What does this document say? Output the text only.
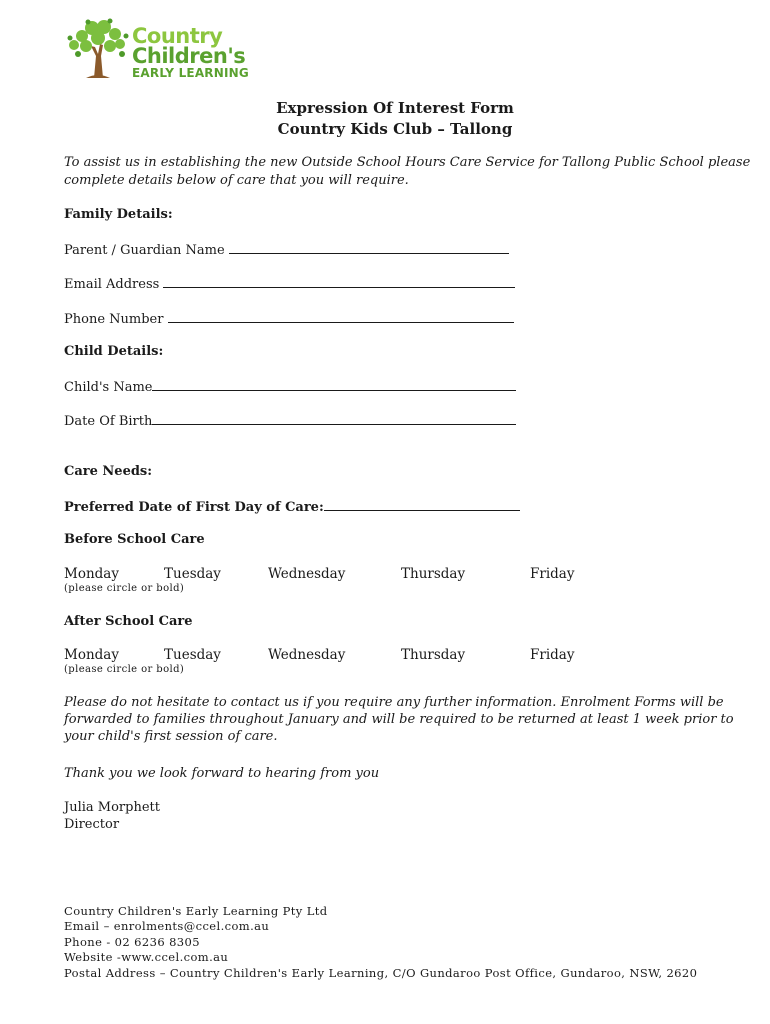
Country
Children's
EARLY LEARNING
Expression Of Interest Form
Country Kids Club – Tallong
To assist us in establishing the new Outside School Hours Care Service for Tallong Public School please
complete details below of care that you will require.
Family Details:
Parent / Guardian Name
Email Address
Phone Number
Child Details:
Child's Name
Date Of Birth
Care Needs:
Preferred Date of First Day of Care:
Before School Care
Monday	Tuesday	Wednesday	Thursday	Friday
(please circle or bold)
After School Care
Monday	Tuesday	Wednesday	Thursday	Friday
(please circle or bold)
Please do not hesitate to contact us if you require any further information. Enrolment Forms will be
forwarded to families throughout January and will be required to be returned at least 1 week prior to
your child's first session of care.
Thank you we look forward to hearing from you
Julia Morphett
Director
Country Children's Early Learning Pty Ltd
Email – enrolments@ccel.com.au
Phone - 02 6236 8305
Website -www.ccel.com.au
Postal Address – Country Children's Early Learning, C/O Gundaroo Post Office, Gundaroo, NSW, 2620
